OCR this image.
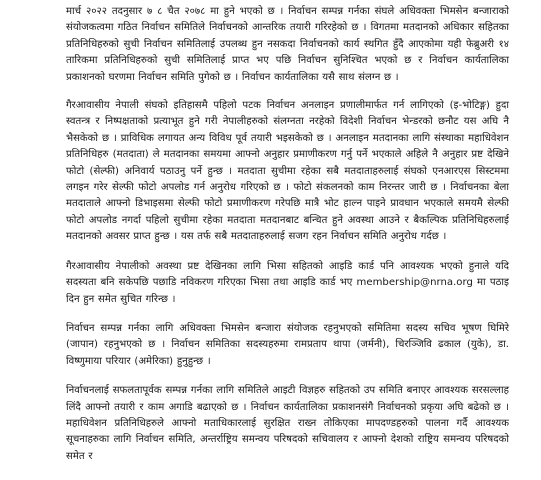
मार्च २०२२ तदनुसार ७ ८ चैत २०७८ मा हुने भएको छ । निर्वाचन सम्पन्न गर्नका संघले अधिवक्ता भिमसेन बन्जाराको संयोजकत्वमा गठित निर्वाचन समितिले निर्वाचनको आन्तरिक तयारी गरिरहेको छ । विगतमा मतदानको अधिकार सहितका प्रतिनिधिहरुको सुची निर्वाचन समितिलाई उपलब्ध हुन नसकदा निर्वाचनको कार्य स्थगित हुँदै आएकोमा यही फेब्रुअरी १४ तारिकमा प्रतिनिधिहरुको सुची समितिलाई प्राप्त भए पछि निर्वाचन सुनिश्चित भएको छ र निर्वाचन कार्यतालिका प्रकाशनको घरणमा निर्वाचन समिति पुगेको छ । निर्वाचन कार्यतालिका यसै साथ संलग्न छ ।

गैरआवासीय नेपाली संघको इतिहासमै पहिलो पटक निर्वाचन अनलाइन प्रणालीमार्फत गर्न लागिएको (इ-भोटिङ्ग) हुदा स्वतन्त्र र निष्पक्षताको प्रत्याभूत हुने गरी नेपालीहरुको संलग्नता नरहेको विदेशी निर्वाचन भेन्डरको छनौट यस अघि नै भैसकेको छ । प्राविधिक लगायत अन्य विविध पूर्व तयारी भइसकेको छ । अनलाइन मतदानका लागि संस्थाका महाधिवेशन प्रतिनिधिहरु (मतदाता) ले मतदानका समयमा आफ्नो अनुहार प्रमाणीकरण गर्नु पर्ने भएकाले अहिले नै अनुहार प्रष्ट देखिने फोटो (सेल्फी) अनिवार्य पठाउनु पर्ने हुन्छ । मतदाता सुचीमा रहेका सबै मतदाताहरुलाई संघको एनआरएस सिस्टममा लगइन गरेर सेल्फी फोटो अपलोड गर्न अनुरोध गरिएको छ । फोटो संकलनको काम निरन्तर जारी छ । निर्वाचनका बेला मतदाताले आफ्नो डिभाइसमा सेल्फी फोटो प्रमाणीकरण गरेपछि मात्रै भोट हाल्न पाइने प्रावधान भएकाले समयमै सेल्फी फोटो अपलोड नगर्दा पहिलो सुचीमा रहेका मतदाता मतदानबाट बन्चित हुने अवस्था आउने र बैकल्पिक प्रतिनिधिहरुलाई मतदानको अवसर प्राप्त हुन्छ । यस तर्फ सबै मतदाताहरुलाई सजग रहन निर्वाचन समिति अनुरोध गर्दछ ।

गैरआवासीय नेपालीको अवस्था प्रष्ट देखिनका लागि भिसा सहितको आइडि कार्ड पनि आवश्यक भएको हुनाले यदि सदस्यता बनि सकेपछि पछाडि नविकरण गरिएका भिसा तथा आइडि कार्ड भए membership@nrna.org मा पठाइ दिन हुन समेत सुचित गरिन्छ ।

निर्वाचन सम्पन्न गर्नका लागि अधिवक्ता भिमसेन बन्जारा संयोजक रहनुभएको समितिमा सदस्य सचिव भूषण घिमिरे (जापान) रहनुभएको छ । निर्वाचन समितिका सदस्यहरुमा रामप्रताप थापा (जर्मनी), चिरञ्जिवि ढकाल (युके), डा. विष्णुमाया परियार (अमेरिका) हुनुहुन्छ ।

निर्वाचनलाई सफलतापूर्वक सम्पन्न गर्नका लागि समितिले आइटी विज्ञहरु सहितको उप समिति बनाएर आवश्यक सरसल्लाह लिंदै आफ्नो तयारी र काम अगाडि बढाएको छ । निर्वाचन कार्यतालिका प्रकाशनसंगै निर्वाचनको प्रकृया अघि बढेको छ । महाधिवेशन प्रतिनिधिहरुले आफ्नो मताधिकारलाई सुरक्षित राख्न तोकिएका मापदण्डहरुको पालना गर्दै आवश्यक सूचनाहरुका लागि निर्वाचन समिति, अन्तर्राष्ट्रिय समन्वय परिषदको सचिवालय र आफ्नो देशको राष्ट्रिय समन्वय परिषदको समेत र
